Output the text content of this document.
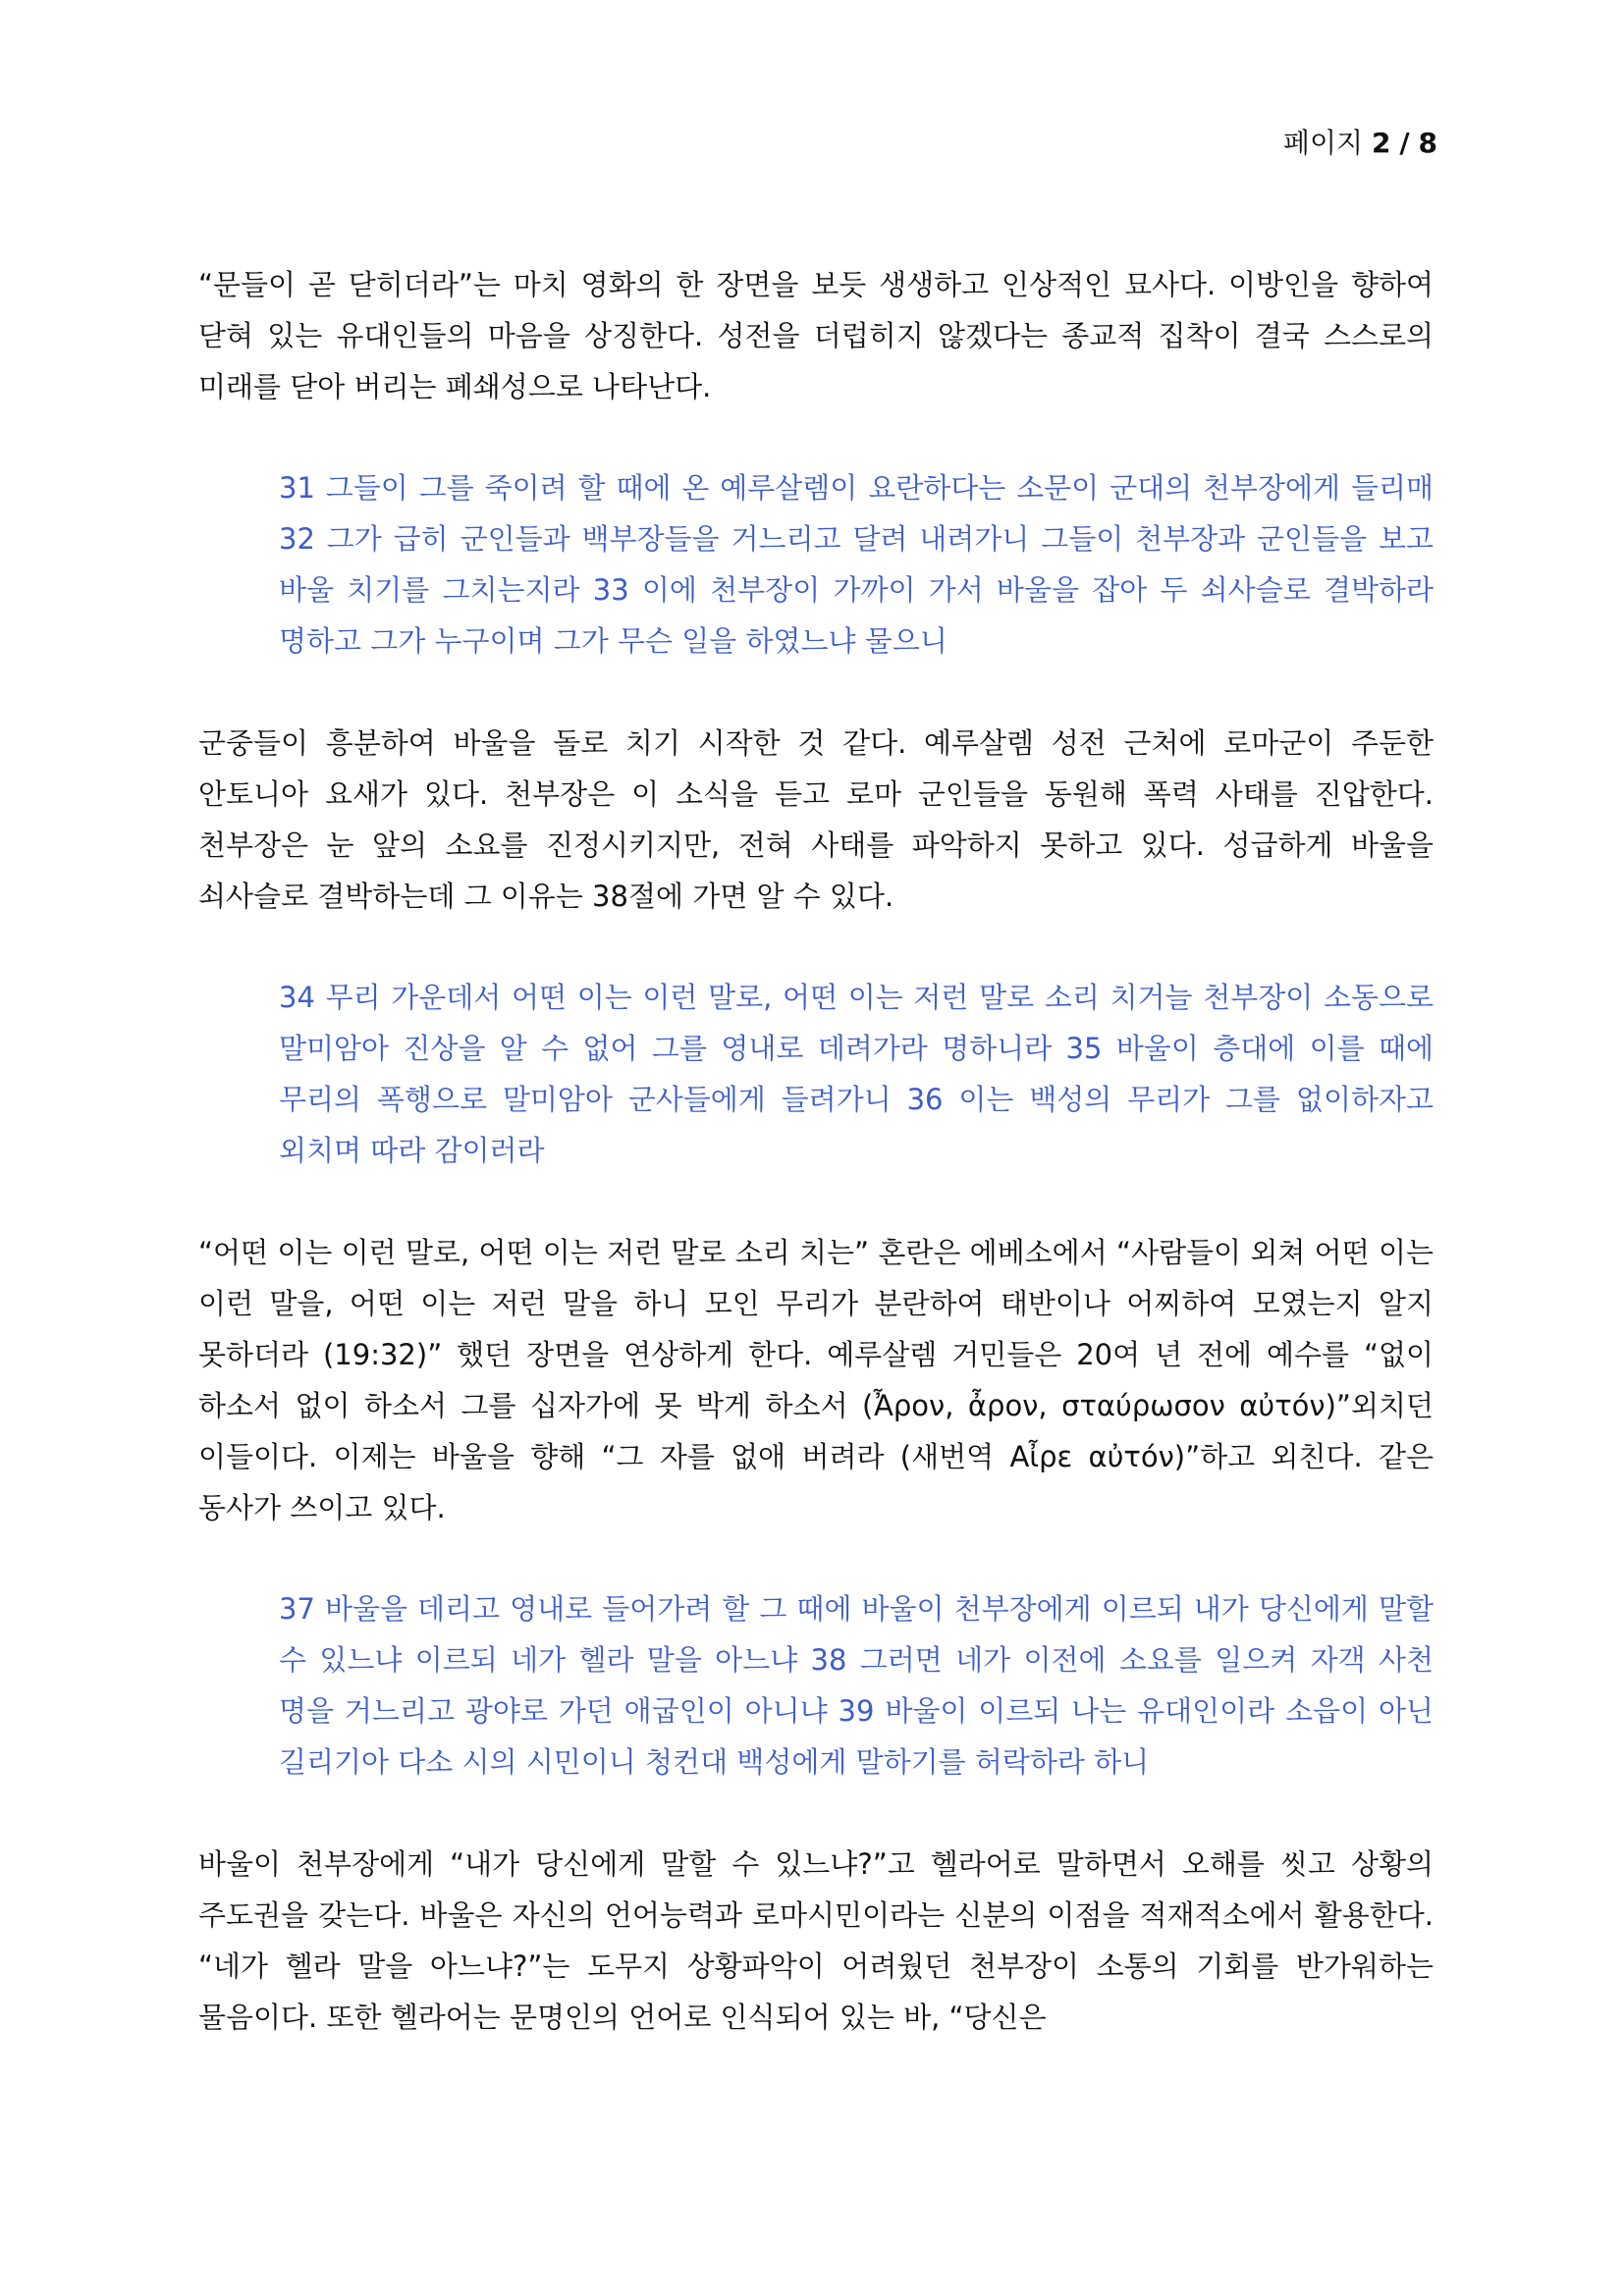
페이지 2 / 8

“문들이 곧 닫히더라”는 마치 영화의 한 장면을 보듯 생생하고 인상적인 묘사다. 이방인을 향하여 닫혀 있는 유대인들의 마음을 상징한다. 성전을 더럽히지 않겠다는 종교적 집착이 결국 스스로의 미래를 닫아 버리는 폐쇄성으로 나타난다.

31 그들이 그를 죽이려 할 때에 온 예루살렘이 요란하다는 소문이 군대의 천부장에게 들리매 32 그가 급히 군인들과 백부장들을 거느리고 달려 내려가니 그들이 천부장과 군인들을 보고 바울 치기를 그치는지라 33 이에 천부장이 가까이 가서 바울을 잡아 두 쇠사슬로 결박하라 명하고 그가 누구이며 그가 무슨 일을 하였느냐 물으니

군중들이 흥분하여 바울을 돌로 치기 시작한 것 같다. 예루살렘 성전 근처에 로마군이 주둔한 안토니아 요새가 있다. 천부장은 이 소식을 듣고 로마 군인들을 동원해 폭력 사태를 진압한다. 천부장은 눈 앞의 소요를 진정시키지만, 전혀 사태를 파악하지 못하고 있다. 성급하게 바울을 쇠사슬로 결박하는데 그 이유는 38절에 가면 알 수 있다.

34 무리 가운데서 어떤 이는 이런 말로, 어떤 이는 저런 말로 소리 치거늘 천부장이 소동으로 말미암아 진상을 알 수 없어 그를 영내로 데려가라 명하니라 35 바울이 층대에 이를 때에 무리의 폭행으로 말미암아 군사들에게 들려가니 36 이는 백성의 무리가 그를 없이하자고 외치며 따라 감이러라

“어떤 이는 이런 말로, 어떤 이는 저런 말로 소리 치는” 혼란은 에베소에서 “사람들이 외쳐 어떤 이는 이런 말을, 어떤 이는 저런 말을 하니 모인 무리가 분란하여 태반이나 어찌하여 모였는지 알지 못하더라 (19:32)” 했던 장면을 연상하게 한다. 예루살렘 거민들은 20여 년 전에 예수를 “없이 하소서 없이 하소서 그를 십자가에 못 박게 하소서 (Ἆρον, ἆρον, σταύρωσον αὐτόν)”외치던 이들이다. 이제는 바울을 향해 “그 자를 없애 버려라 (새번역 Αἶρε αὐτόν)”하고 외친다. 같은 동사가 쓰이고 있다.

37 바울을 데리고 영내로 들어가려 할 그 때에 바울이 천부장에게 이르되 내가 당신에게 말할 수 있느냐 이르되 네가 헬라 말을 아느냐 38 그러면 네가 이전에 소요를 일으켜 자객 사천 명을 거느리고 광야로 가던 애굽인이 아니냐 39 바울이 이르되 나는 유대인이라 소읍이 아닌 길리기아 다소 시의 시민이니 청컨대 백성에게 말하기를 허락하라 하니

바울이 천부장에게 “내가 당신에게 말할 수 있느냐?”고 헬라어로 말하면서 오해를 씻고 상황의 주도권을 갖는다. 바울은 자신의 언어능력과 로마시민이라는 신분의 이점을 적재적소에서 활용한다. “네가 헬라 말을 아느냐?”는 도무지 상황파악이 어려웠던 천부장이 소통의 기회를 반가워하는 물음이다. 또한 헬라어는 문명인의 언어로 인식되어 있는 바, “당신은
